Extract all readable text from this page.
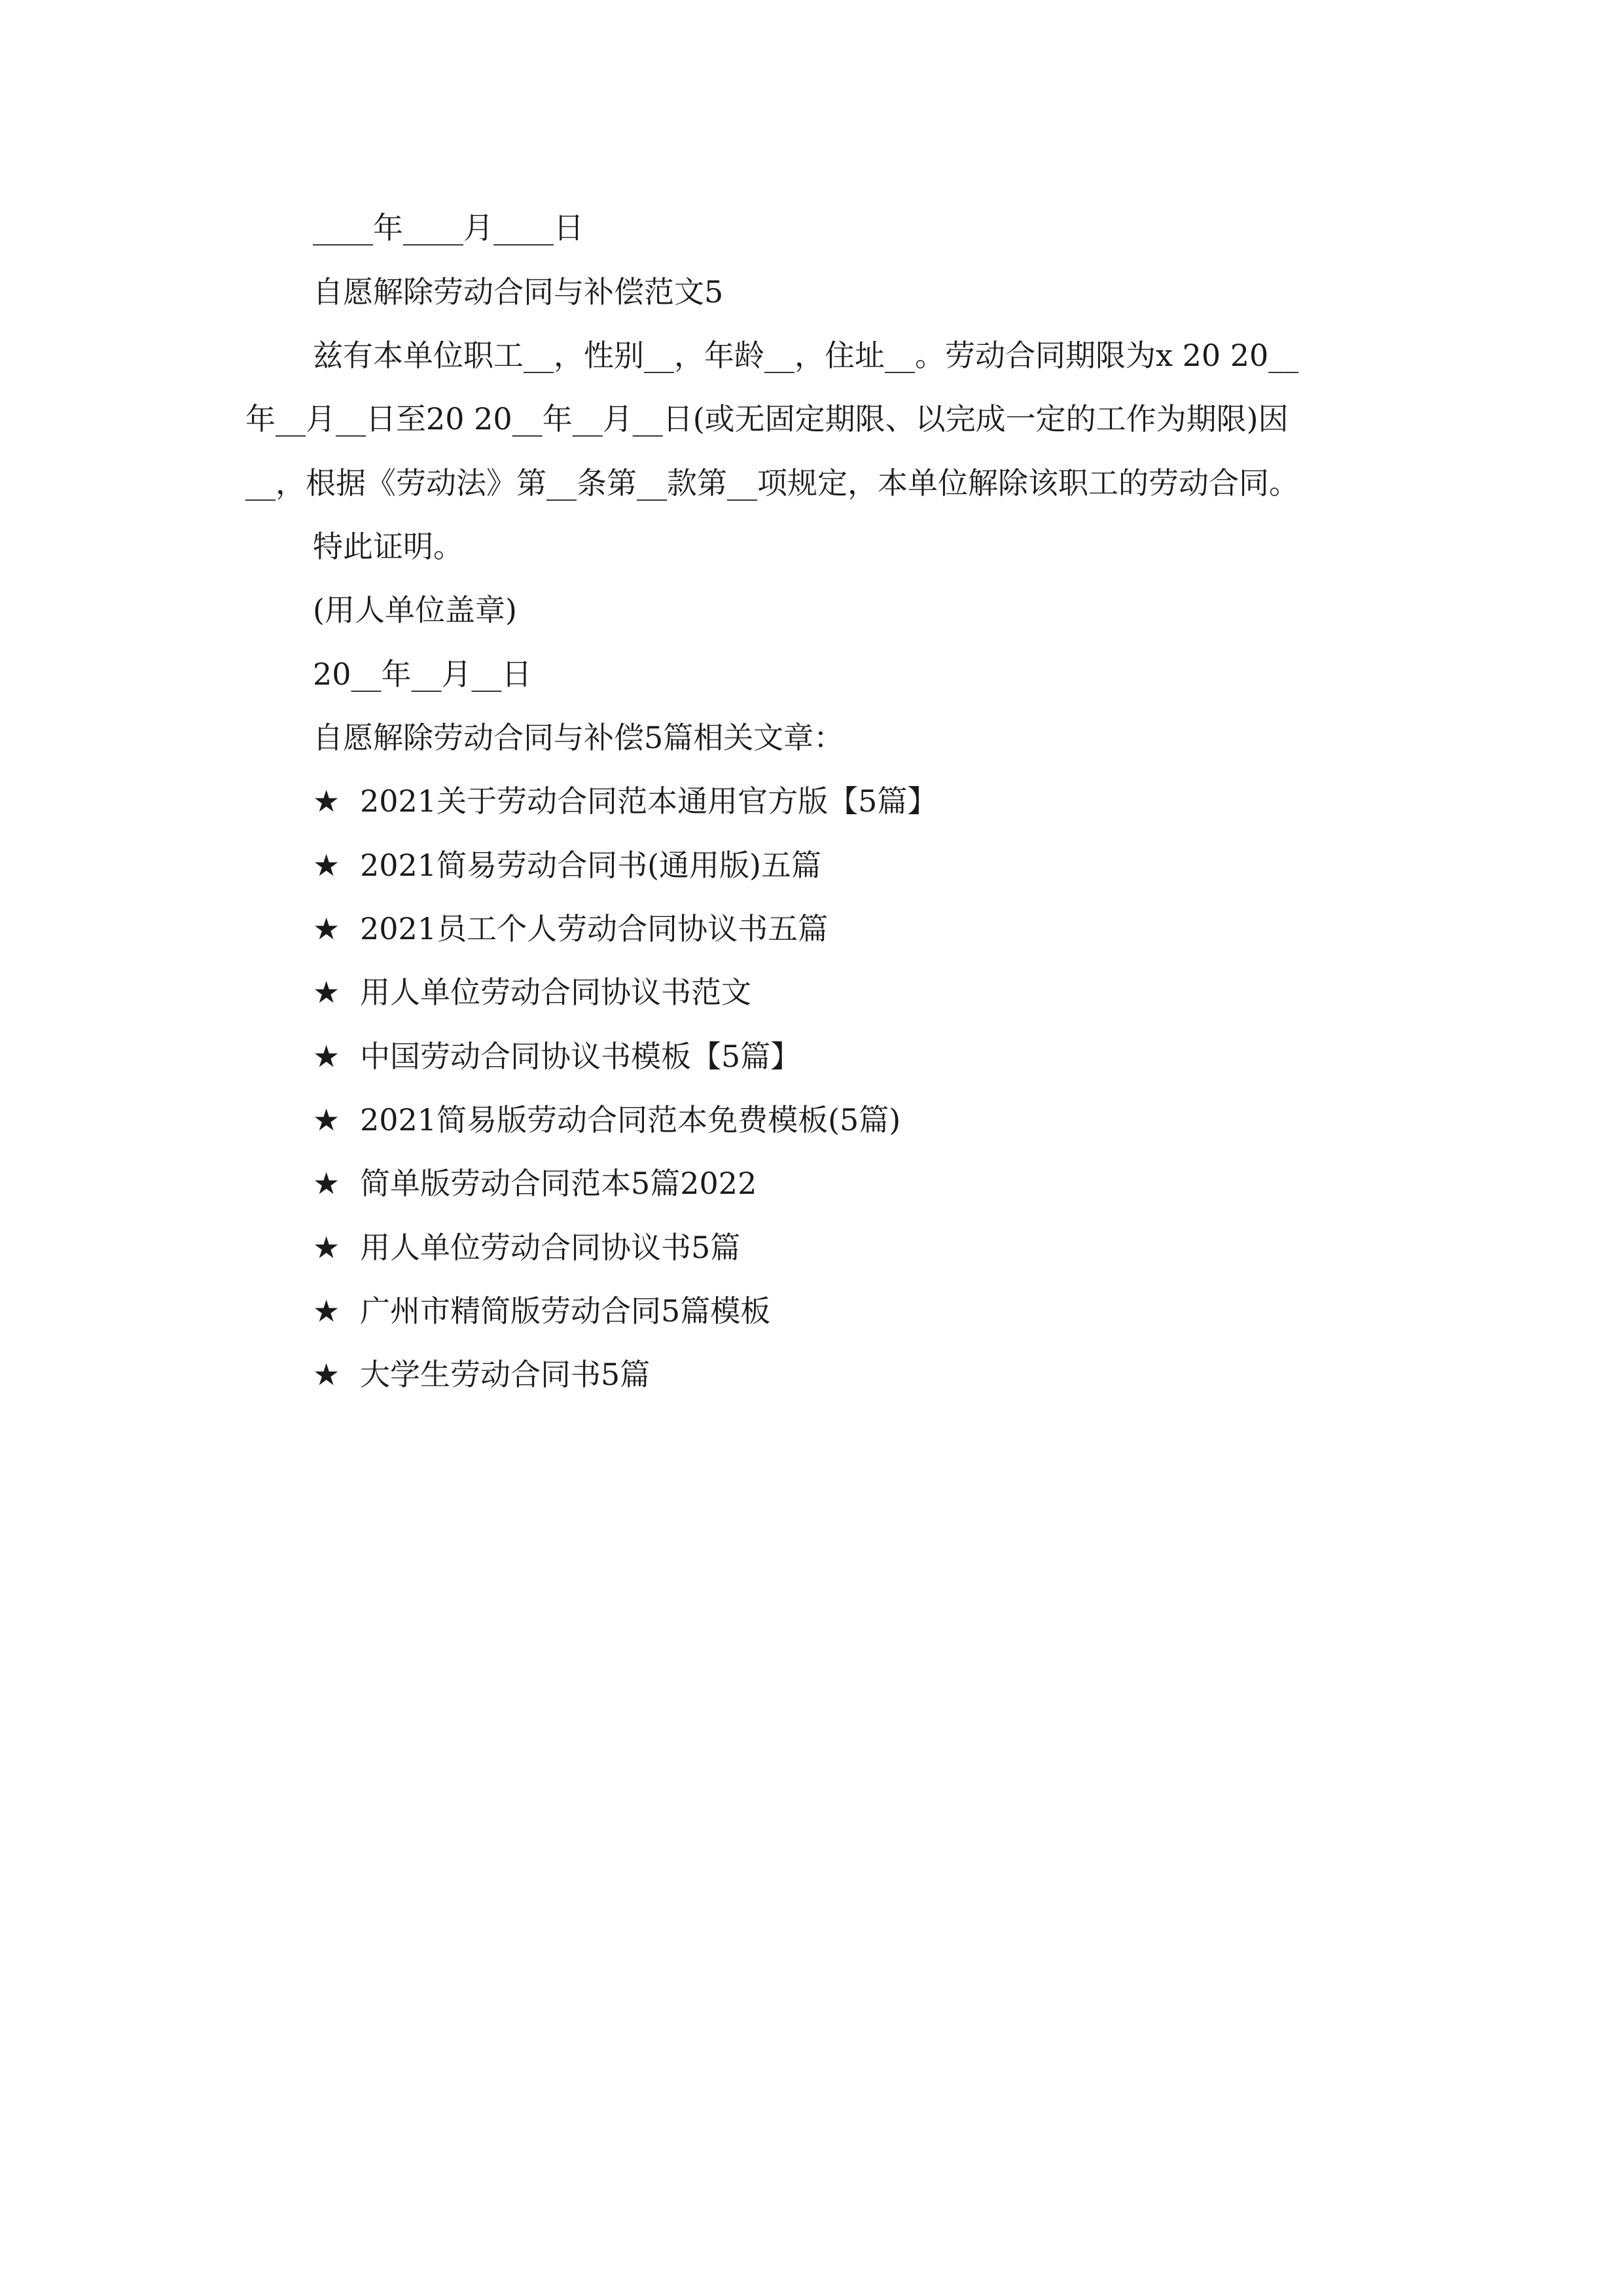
____年____月____日
自愿解除劳动合同与补偿范文5
兹有本单位职工__，性别__，年龄__，住址__。劳动合同期限为x 20 20__
年__月__日至20 20__年__月__日(或无固定期限、以完成一定的工作为期限)因
__，根据《劳动法》第__条第__款第__项规定，本单位解除该职工的劳动合同。
特此证明。
(用人单位盖章)
20__年__月__日
自愿解除劳动合同与补偿5篇相关文章：
★ 2021关于劳动合同范本通用官方版【5篇】
★ 2021简易劳动合同书(通用版)五篇
★ 2021员工个人劳动合同协议书五篇
★ 用人单位劳动合同协议书范文
★ 中国劳动合同协议书模板【5篇】
★ 2021简易版劳动合同范本免费模板(5篇)
★ 简单版劳动合同范本5篇2022
★ 用人单位劳动合同协议书5篇
★ 广州市精简版劳动合同5篇模板
★ 大学生劳动合同书5篇
